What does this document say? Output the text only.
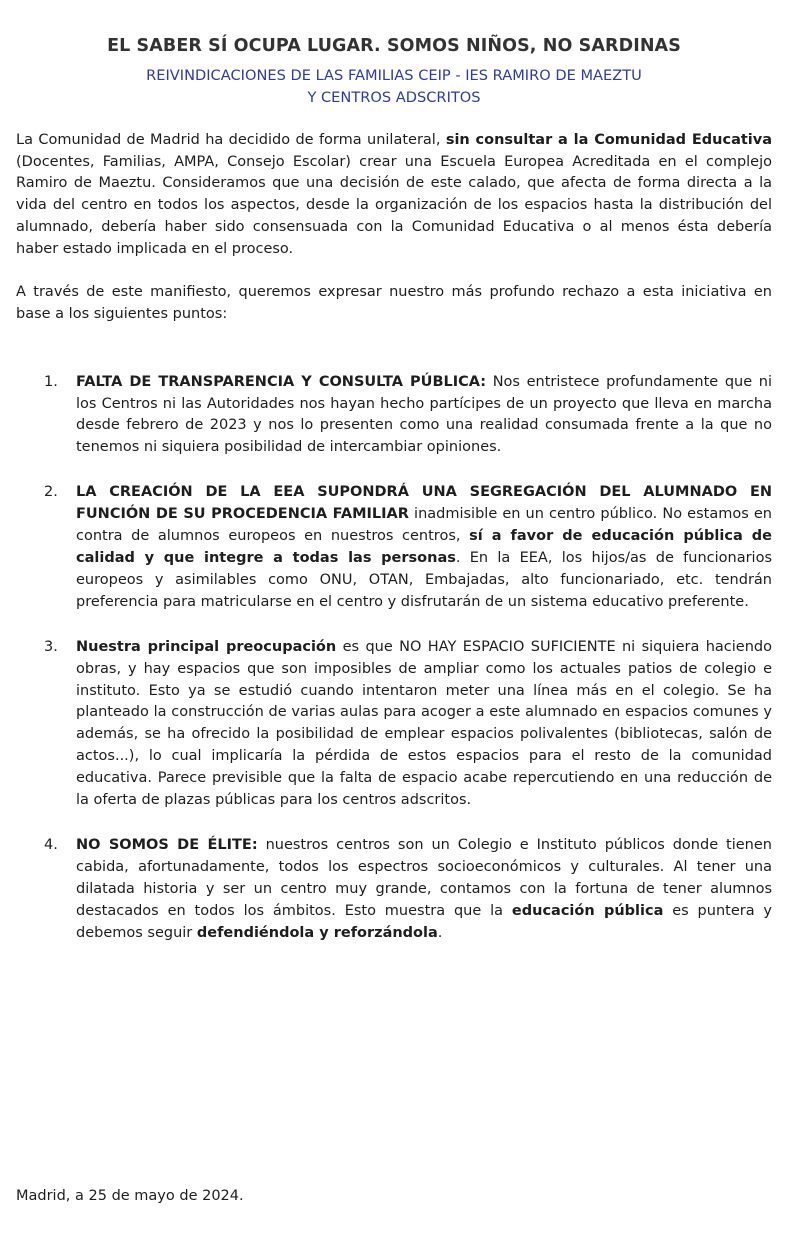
EL SABER SÍ OCUPA LUGAR. SOMOS NIÑOS, NO SARDINAS
REIVINDICACIONES DE LAS FAMILIAS CEIP - IES RAMIRO DE MAEZTU
Y CENTROS ADSCRITOS

La Comunidad de Madrid ha decidido de forma unilateral, sin consultar a la Comunidad Educativa (Docentes, Familias, AMPA, Consejo Escolar) crear una Escuela Europea Acreditada en el complejo Ramiro de Maeztu. Consideramos que una decisión de este calado, que afecta de forma directa a la vida del centro en todos los aspectos, desde la organización de los espacios hasta la distribución del alumnado, debería haber sido consensuada con la Comunidad Educativa o al menos ésta debería haber estado implicada en el proceso.

A través de este manifiesto, queremos expresar nuestro más profundo rechazo a esta iniciativa en base a los siguientes puntos:

1. FALTA DE TRANSPARENCIA Y CONSULTA PÚBLICA: Nos entristece profundamente que ni los Centros ni las Autoridades nos hayan hecho partícipes de un proyecto que lleva en marcha desde febrero de 2023 y nos lo presenten como una realidad consumada frente a la que no tenemos ni siquiera posibilidad de intercambiar opiniones.
2. LA CREACIÓN DE LA EEA SUPONDRÁ UNA SEGREGACIÓN DEL ALUMNADO EN FUNCIÓN DE SU PROCEDENCIA FAMILIAR inadmisible en un centro público. No estamos en contra de alumnos europeos en nuestros centros, sí a favor de educación pública de calidad y que integre a todas las personas. En la EEA, los hijos/as de funcionarios europeos y asimilables como ONU, OTAN, Embajadas, alto funcionariado, etc. tendrán preferencia para matricularse en el centro y disfrutarán de un sistema educativo preferente.
3. Nuestra principal preocupación es que NO HAY ESPACIO SUFICIENTE ni siquiera haciendo obras, y hay espacios que son imposibles de ampliar como los actuales patios de colegio e instituto. Esto ya se estudió cuando intentaron meter una línea más en el colegio. Se ha planteado la construcción de varias aulas para acoger a este alumnado en espacios comunes y además, se ha ofrecido la posibilidad de emplear espacios polivalentes (bibliotecas, salón de actos...), lo cual implicaría la pérdida de estos espacios para el resto de la comunidad educativa. Parece previsible que la falta de espacio acabe repercutiendo en una reducción de la oferta de plazas públicas para los centros adscritos.
4. NO SOMOS DE ÉLITE: nuestros centros son un Colegio e Instituto públicos donde tienen cabida, afortunadamente, todos los espectros socioeconómicos y culturales. Al tener una dilatada historia y ser un centro muy grande, contamos con la fortuna de tener alumnos destacados en todos los ámbitos. Esto muestra que la educación pública es puntera y debemos seguir defendiéndola y reforzándola.

Madrid, a 25 de mayo de 2024.
